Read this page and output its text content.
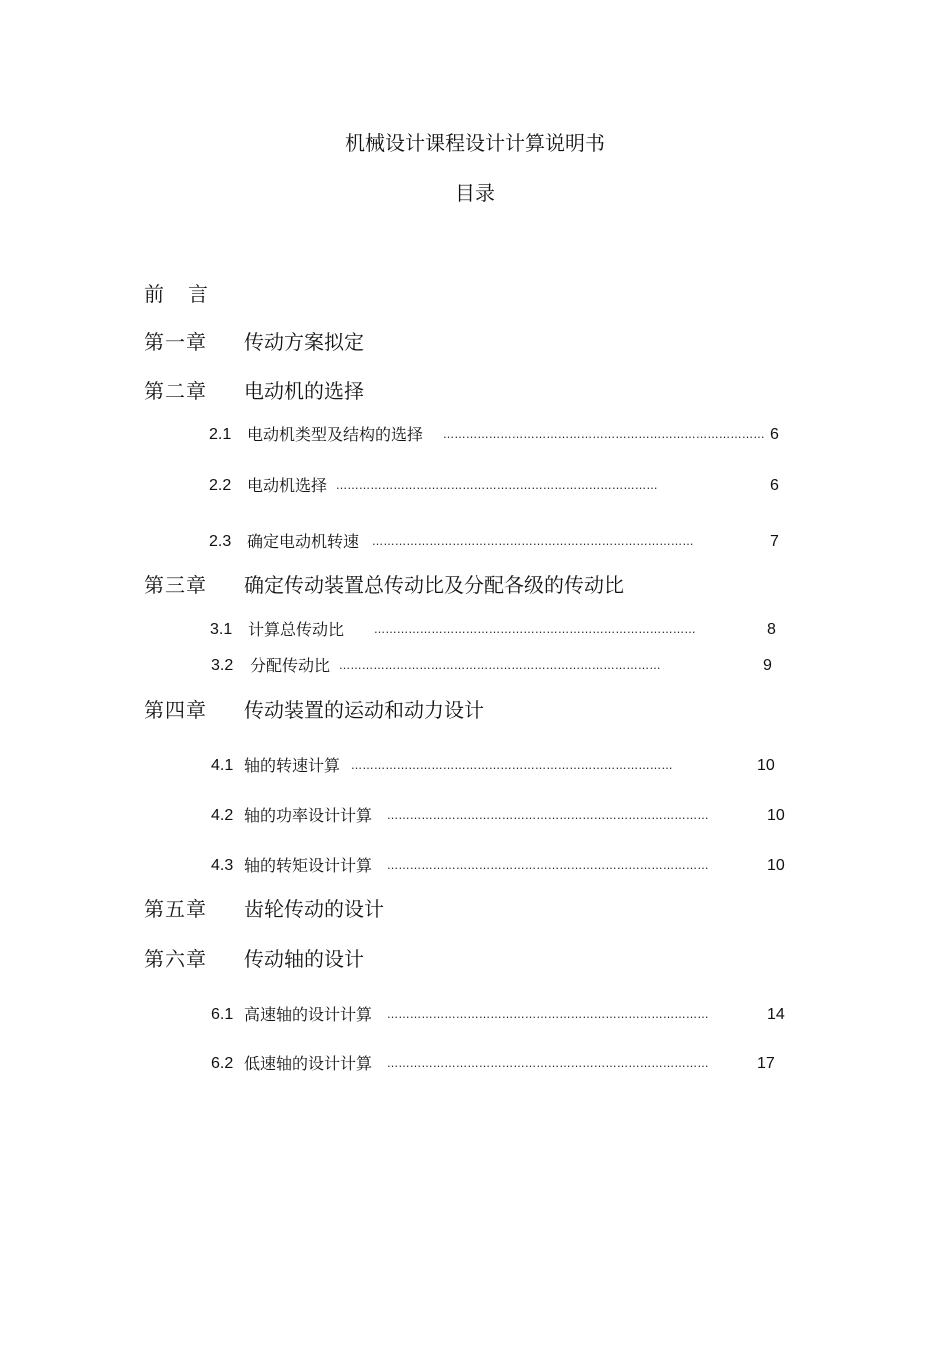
机械设计课程设计计算说明书
目录
前 言
第一章 传动方案拟定
第二章 电动机的选择
2.1 电动机类型及结构的选择 ………………………………………………………………………… 6
2.2 电动机选择 …………………………………………………………………………	6
2.3 确定电动机转速 …………………………………………………………………………	7
第三章 确定传动装置总传动比及分配各级的传动比
3.1 计算总传动比	…………………………………………………………………………	8
3.2 分配传动比 …………………………………………………………………………	9
第四章 传动装置的运动和动力设计
4.1 轴的转速计算 …………………………………………………………………………	10
4.2 轴的功率设计计算 …………………………………………………………………………	10
4.3 轴的转矩设计计算 …………………………………………………………………………	10
第五章 齿轮传动的设计
第六章 传动轴的设计
6.1 高速轴的设计计算 …………………………………………………………………………	14
6.2 低速轴的设计计算 …………………………………………………………………………	17
